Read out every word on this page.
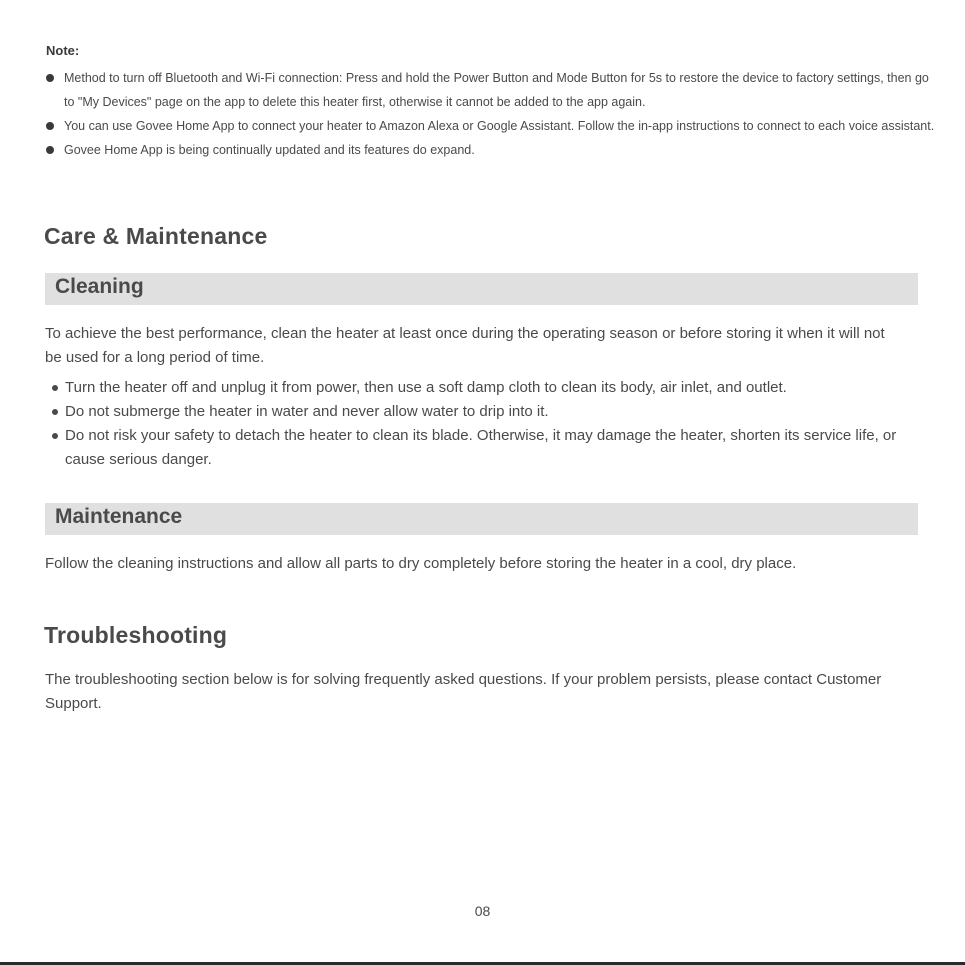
Note:
Method to turn off Bluetooth and Wi-Fi connection: Press and hold the Power Button and Mode Button for 5s to restore the device to factory settings, then go to "My Devices" page on the app to delete this heater first, otherwise it cannot be added to the app again.
You can use Govee Home App to connect your heater to Amazon Alexa or Google Assistant. Follow the in-app instructions to connect to each voice assistant.
Govee Home App is being continually updated and its features do expand.
Care & Maintenance
Cleaning
To achieve the best performance, clean the heater at least once during the operating season or before storing it when it will not be used for a long period of time.
Turn the heater off and unplug it from power, then use a soft damp cloth to clean its body, air inlet, and outlet.
Do not submerge the heater in water and never allow water to drip into it.
Do not risk your safety to detach the heater to clean its blade. Otherwise, it may damage the heater, shorten its service life, or cause serious danger.
Maintenance
Follow the cleaning instructions and allow all parts to dry completely before storing the heater in a cool, dry place.
Troubleshooting
The troubleshooting section below is for solving frequently asked questions. If your problem persists, please contact Customer Support.
08
